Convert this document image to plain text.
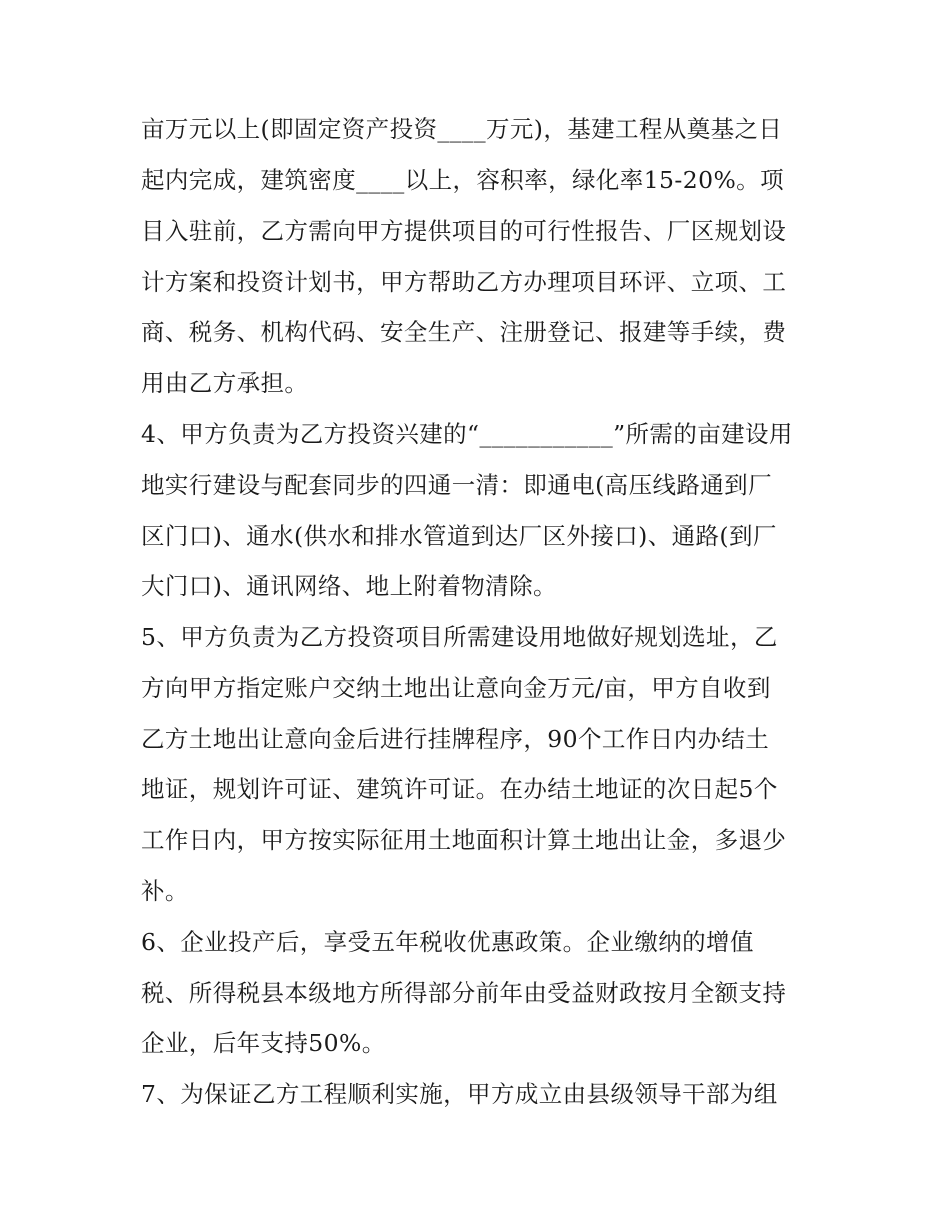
亩万元以上(即固定资产投资____万元)，基建工程从奠基之日
起内完成，建筑密度____以上，容积率，绿化率15-20%。项
目入驻前，乙方需向甲方提供项目的可行性报告、厂区规划设
计方案和投资计划书，甲方帮助乙方办理项目环评、立项、工
商、税务、机构代码、安全生产、注册登记、报建等手续，费
用由乙方承担。
4、甲方负责为乙方投资兴建的“___________”所需的亩建设用
地实行建设与配套同步的四通一清：即通电(高压线路通到厂
区门口)、通水(供水和排水管道到达厂区外接口)、通路(到厂
大门口)、通讯网络、地上附着物清除。
5、甲方负责为乙方投资项目所需建设用地做好规划选址，乙
方向甲方指定账户交纳土地出让意向金万元/亩，甲方自收到
乙方土地出让意向金后进行挂牌程序，90个工作日内办结土
地证，规划许可证、建筑许可证。在办结土地证的次日起5个
工作日内，甲方按实际征用土地面积计算土地出让金，多退少
补。
6、企业投产后，享受五年税收优惠政策。企业缴纳的增值
税、所得税县本级地方所得部分前年由受益财政按月全额支持
企业，后年支持50%。
7、为保证乙方工程顺利实施，甲方成立由县级领导干部为组
